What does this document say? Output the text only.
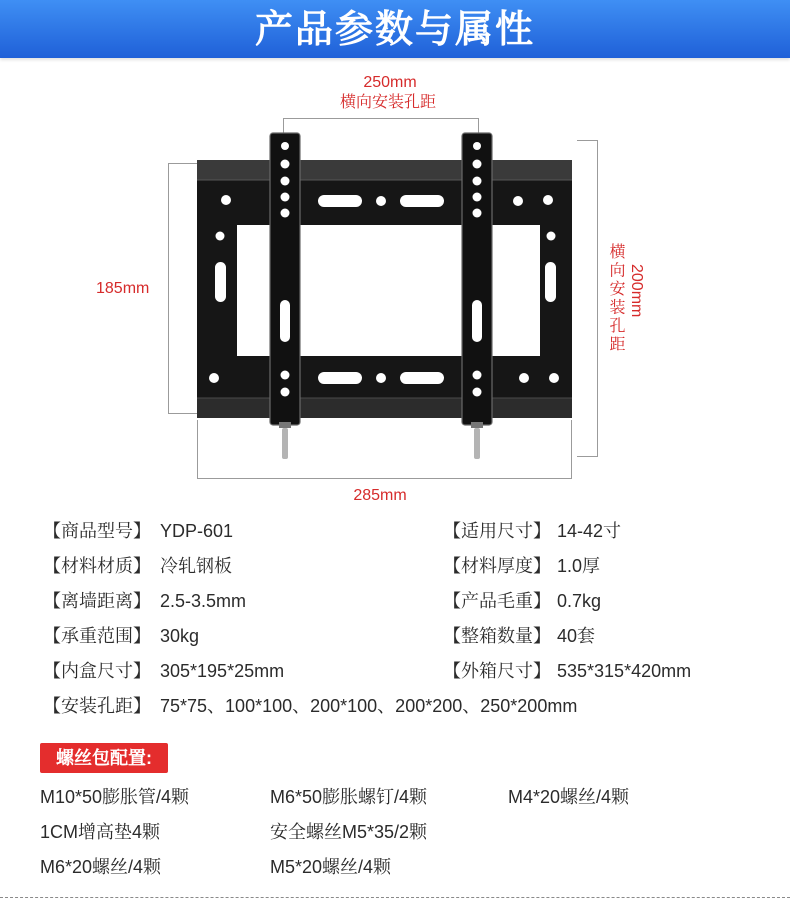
产品参数与属性
250mm
横向安装孔距
185mm	横向安装孔距 200mm
285mm
【商品型号】 YDP-601	【适用尺寸】 14-42寸
【材料材质】 冷轧钢板	【材料厚度】 1.0厚
【离墙距离】 2.5-3.5mm	【产品毛重】 0.7kg
【承重范围】 30kg	【整箱数量】 40套
【内盒尺寸】 305*195*25mm	【外箱尺寸】 535*315*420mm
【安装孔距】 75*75、100*100、200*100、200*200、250*200mm
螺丝包配置:
M10*50膨胀管/4颗	M6*50膨胀螺钉/4颗	M4*20螺丝/4颗
1CM增高垫4颗	安全螺丝M5*35/2颗
M6*20螺丝/4颗	M5*20螺丝/4颗
